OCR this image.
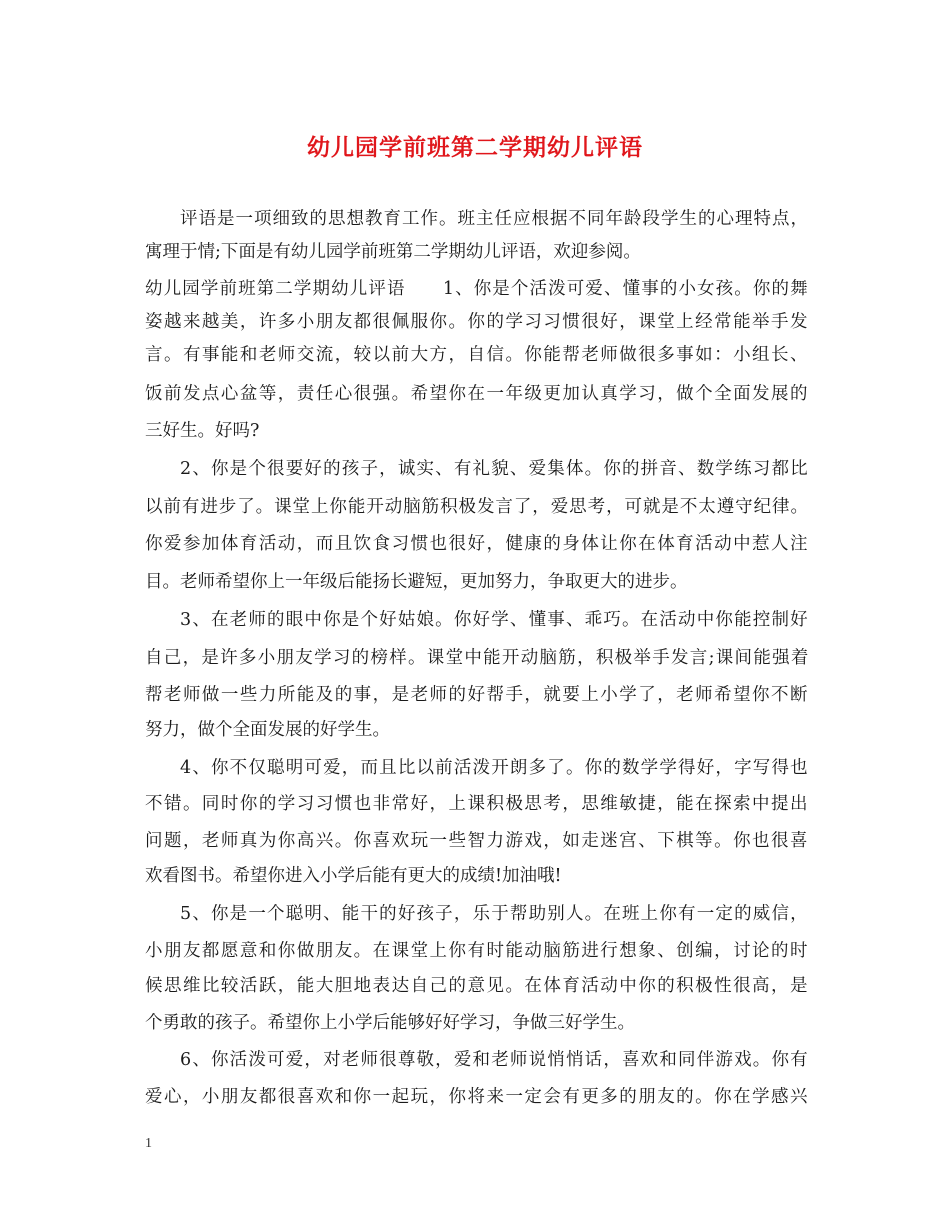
幼儿园学前班第二学期幼儿评语

评语是一项细致的思想教育工作。班主任应根据不同年龄段学生的心理特点，

寓理于情;下面是有幼儿园学前班第二学期幼儿评语，欢迎参阅。

幼儿园学前班第二学期幼儿评语　　1、你是个活泼可爱、懂事的小女孩。你的舞

姿越来越美，许多小朋友都很佩服你。你的学习习惯很好，课堂上经常能举手发

言。有事能和老师交流，较以前大方，自信。你能帮老师做很多事如：小组长、

饭前发点心盆等，责任心很强。希望你在一年级更加认真学习，做个全面发展的

三好生。好吗?

2、你是个很要好的孩子，诚实、有礼貌、爱集体。你的拼音、数学练习都比

以前有进步了。课堂上你能开动脑筋积极发言了，爱思考，可就是不太遵守纪律。

你爱参加体育活动，而且饮食习惯也很好，健康的身体让你在体育活动中惹人注

目。老师希望你上一年级后能扬长避短，更加努力，争取更大的进步。

3、在老师的眼中你是个好姑娘。你好学、懂事、乖巧。在活动中你能控制好

自己，是许多小朋友学习的榜样。课堂中能开动脑筋，积极举手发言;课间能强着

帮老师做一些力所能及的事，是老师的好帮手，就要上小学了，老师希望你不断

努力，做个全面发展的好学生。

4、你不仅聪明可爱，而且比以前活泼开朗多了。你的数学学得好，字写得也

不错。同时你的学习习惯也非常好，上课积极思考，思维敏捷，能在探索中提出

问题，老师真为你高兴。你喜欢玩一些智力游戏，如走迷宫、下棋等。你也很喜

欢看图书。希望你进入小学后能有更大的成绩!加油哦!

5、你是一个聪明、能干的好孩子，乐于帮助别人。在班上你有一定的威信，

小朋友都愿意和你做朋友。在课堂上你有时能动脑筋进行想象、创编，讨论的时

候思维比较活跃，能大胆地表达自己的意见。在体育活动中你的积极性很高，是

个勇敢的孩子。希望你上小学后能够好好学习，争做三好学生。

6、你活泼可爱，对老师很尊敬，爱和老师说悄悄话，喜欢和同伴游戏。你有

爱心，小朋友都很喜欢和你一起玩，你将来一定会有更多的朋友的。你在学感兴

1
